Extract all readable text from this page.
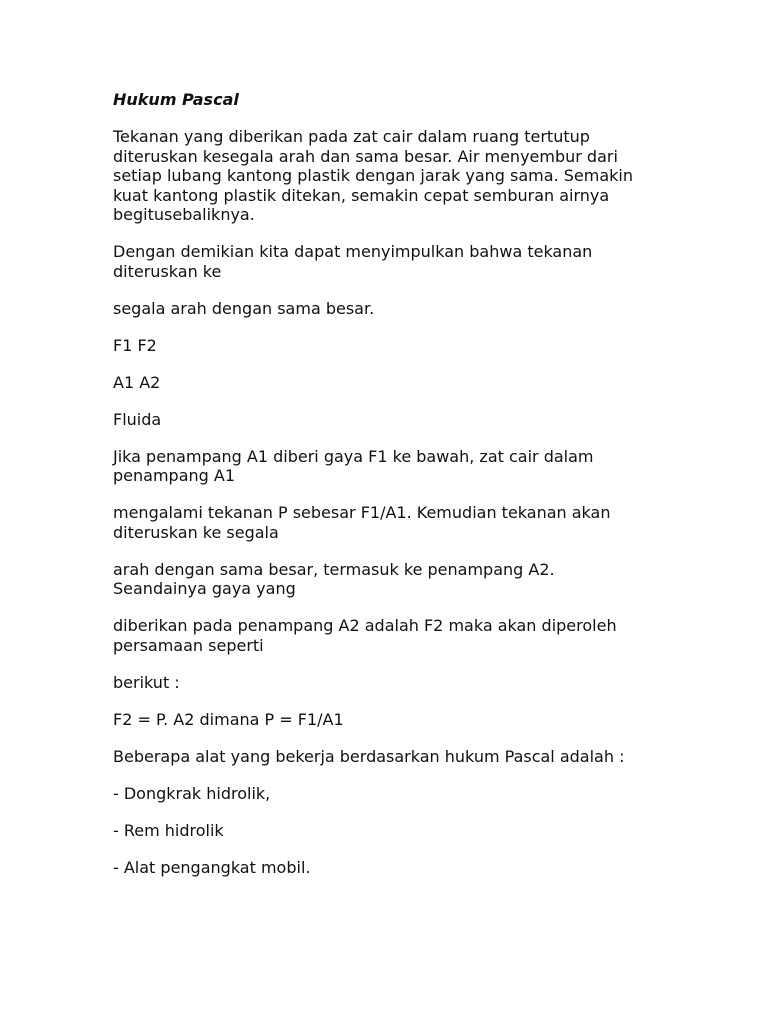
Hukum Pascal
Tekanan yang diberikan pada zat cair dalam ruang tertutup diteruskan kesegala arah dan sama besar. Air menyembur dari setiap lubang kantong plastik dengan jarak yang sama. Semakin kuat kantong plastik ditekan, semakin cepat semburan airnya begitusebaliknya.
Dengan demikian kita dapat menyimpulkan bahwa tekanan diteruskan ke
segala arah dengan sama besar.
F1 F2
A1 A2
Fluida
Jika penampang A1 diberi gaya F1 ke bawah, zat cair dalam penampang A1
mengalami tekanan P sebesar F1/A1. Kemudian tekanan akan diteruskan ke segala
arah dengan sama besar, termasuk ke penampang A2. Seandainya gaya yang
diberikan pada penampang A2 adalah F2 maka akan diperoleh persamaan seperti
berikut :
F2 = P. A2 dimana P = F1/A1
Beberapa alat yang bekerja berdasarkan hukum Pascal adalah :
- Dongkrak hidrolik,
- Rem hidrolik
- Alat pengangkat mobil.
